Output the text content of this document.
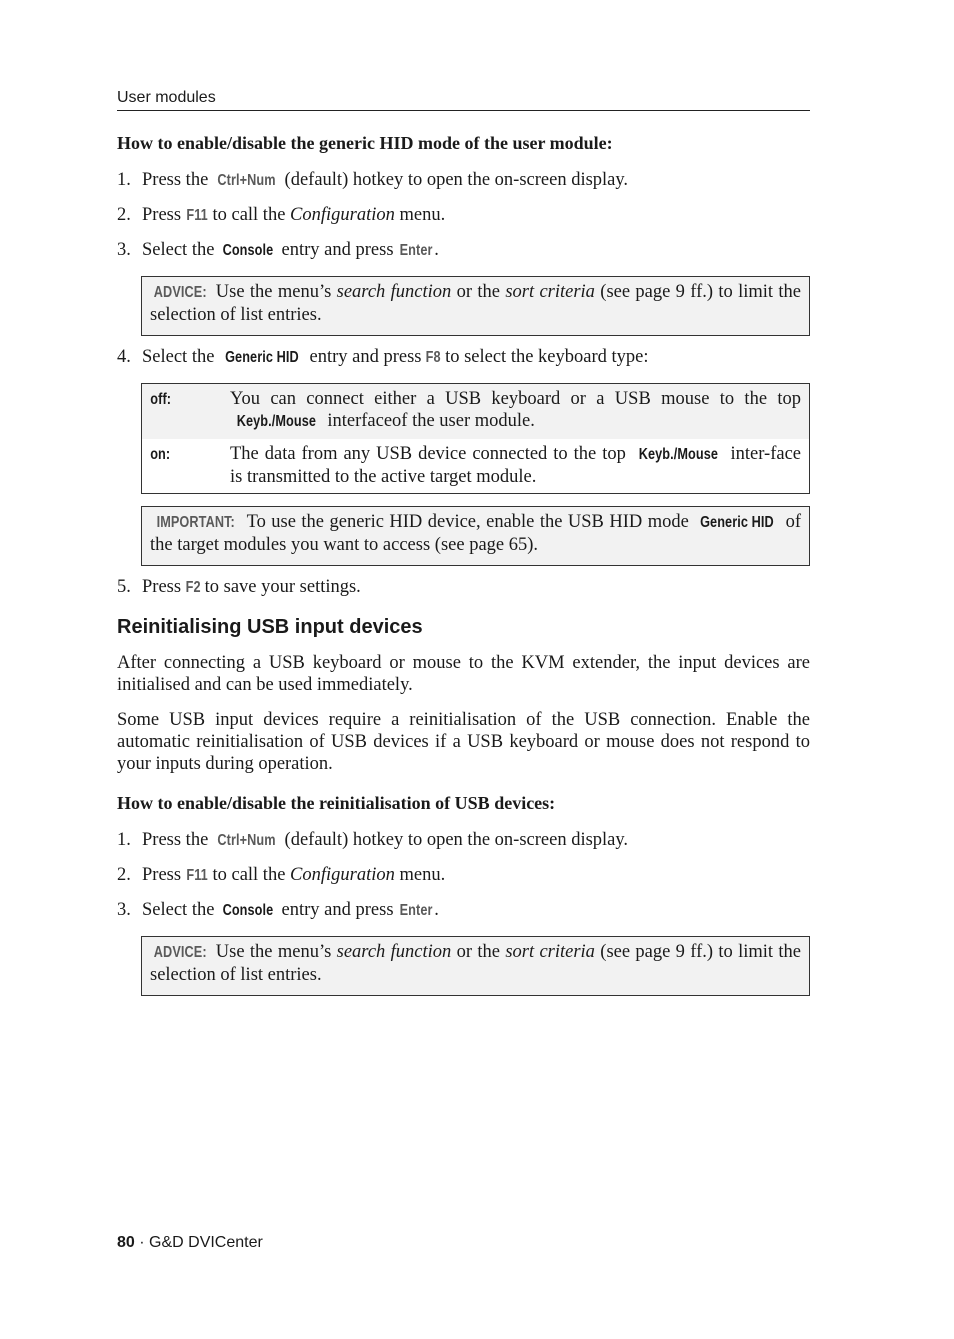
User modules
How to enable/disable the generic HID mode of the user module:
1. Press the Ctrl+Num (default) hotkey to open the on-screen display.
2. Press F11 to call the Configuration menu.
3. Select the Console entry and press Enter.
ADVICE: Use the menu’s search function or the sort criteria (see page 9 ff.) to limit the selection of list entries.
4. Select the Generic HID entry and press F8 to select the keyboard type:
off:	You can connect either a USB keyboard or a USB mouse to the top Keyb./Mouse interfaceof the user module.
on:	The data from any USB device connected to the top Keyb./Mouse inter-face is transmitted to the active target module.
IMPORTANT: To use the generic HID device, enable the USB HID mode Generic HID of the target modules you want to access (see page 65).
5. Press F2 to save your settings.
Reinitialising USB input devices
After connecting a USB keyboard or mouse to the KVM extender, the input devices are initialised and can be used immediately.
Some USB input devices require a reinitialisation of the USB connection. Enable the automatic reinitialisation of USB devices if a USB keyboard or mouse does not respond to your inputs during operation.
How to enable/disable the reinitialisation of USB devices:
1. Press the Ctrl+Num (default) hotkey to open the on-screen display.
2. Press F11 to call the Configuration menu.
3. Select the Console entry and press Enter.
ADVICE: Use the menu’s search function or the sort criteria (see page 9 ff.) to limit the selection of list entries.
80 · G&D DVICenter
